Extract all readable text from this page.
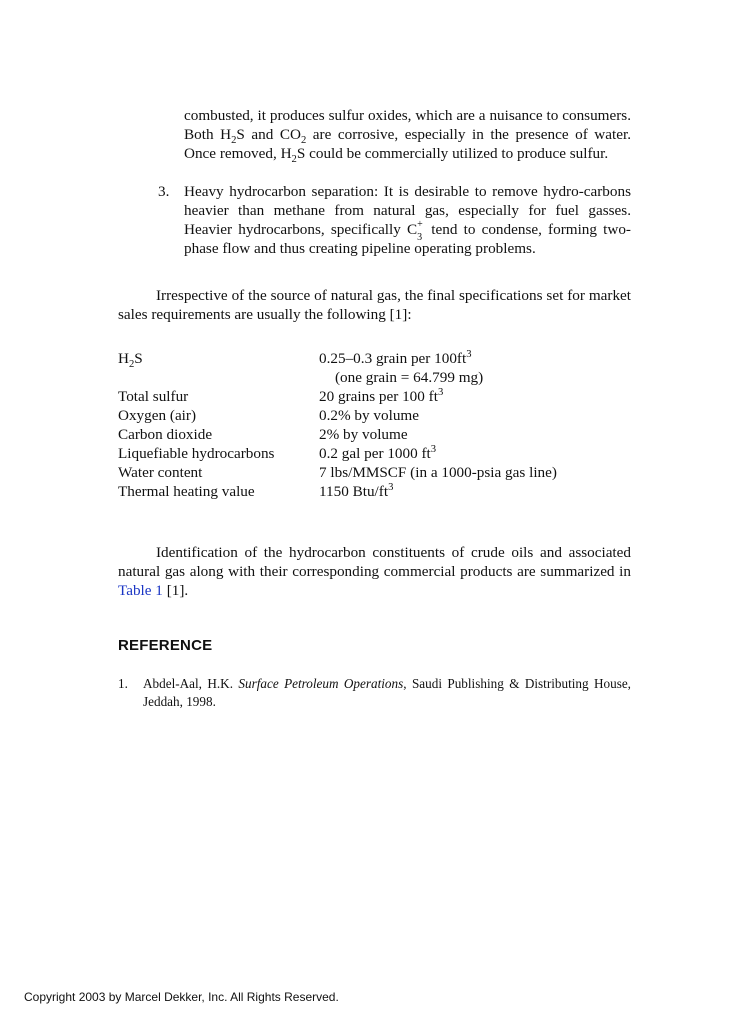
combusted, it produces sulfur oxides, which are a nuisance to consumers. Both $H_2S$ and $CO_2$ are corrosive, especially in the presence of water. Once removed, $H_2S$ could be commercially utilized to produce sulfur.
3. Heavy hydrocarbon separation: It is desirable to remove hydro-carbons heavier than methane from natural gas, especially for fuel gasses. Heavier hydrocarbons, specifically C +
3 tend to condense, forming two-phase flow and thus creating pipeline operating problems.
Irrespective of the source of natural gas, the final specifications set for market sales requirements are usually the following [1]:
$H_2S$	0.25–0.3 grain per $100ft^3$
(one grain = 64.799 mg)
Total sulfur	20 grains per 100 $ft^3$
Oxygen (air)	0.2% by volume
Carbon dioxide	2% by volume
Liquefiable hydrocarbons	0.2 gal per 1000 $ft^3$
Water content	7 lbs/MMSCF (in a 1000-psia gas line)
Thermal heating value	1150 Btu/$ft^3$
Identification of the hydrocarbon constituents of crude oils and associated natural gas along with their corresponding commercial products are summarized in Table 1 [1].
REFERENCE
1. Abdel-Aal, H.K. Surface Petroleum Operations, Saudi Publishing & Distributing House, Jeddah, 1998.
Copyright 2003 by Marcel Dekker, Inc. All Rights Reserved.
